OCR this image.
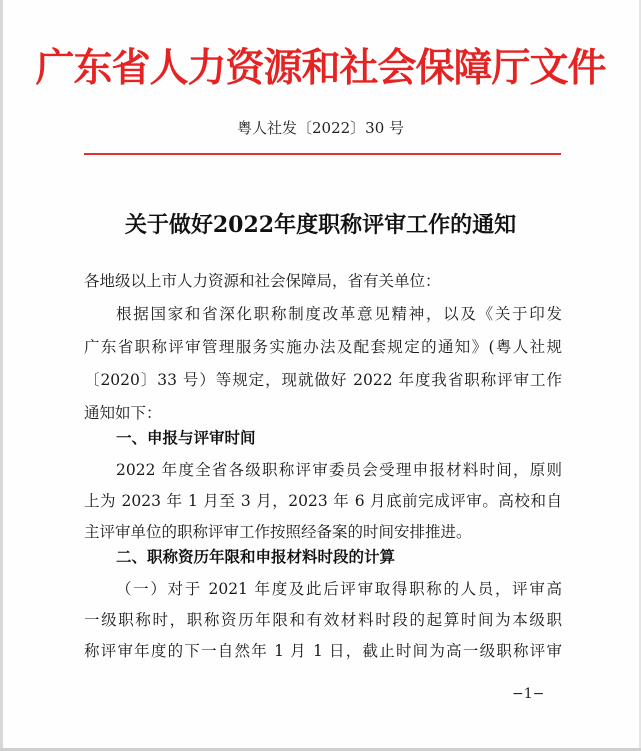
广东省人力资源和社会保障厅文件
粤人社发〔2022〕30 号
关于做好2022年度职称评审工作的通知
各地级以上市人力资源和社会保障局，省有关单位：
根据国家和省深化职称制度改革意见精神，以及《关于印发
广东省职称评审管理服务实施办法及配套规定的通知》(粤人社规
〔2020〕33 号）等规定，现就做好 2022 年度我省职称评审工作
通知如下：
一、申报与评审时间
2022 年度全省各级职称评审委员会受理申报材料时间，原则
上为 2023 年 1 月至 3 月，2023 年 6 月底前完成评审。高校和自
主评审单位的职称评审工作按照经备案的时间安排推进。
二、职称资历年限和申报材料时段的计算
（一）对于 2021 年度及此后评审取得职称的人员，评审高
一级职称时，职称资历年限和有效材料时段的起算时间为本级职
称评审年度的下一自然年 1 月 1 日，截止时间为高一级职称评审
−1−
